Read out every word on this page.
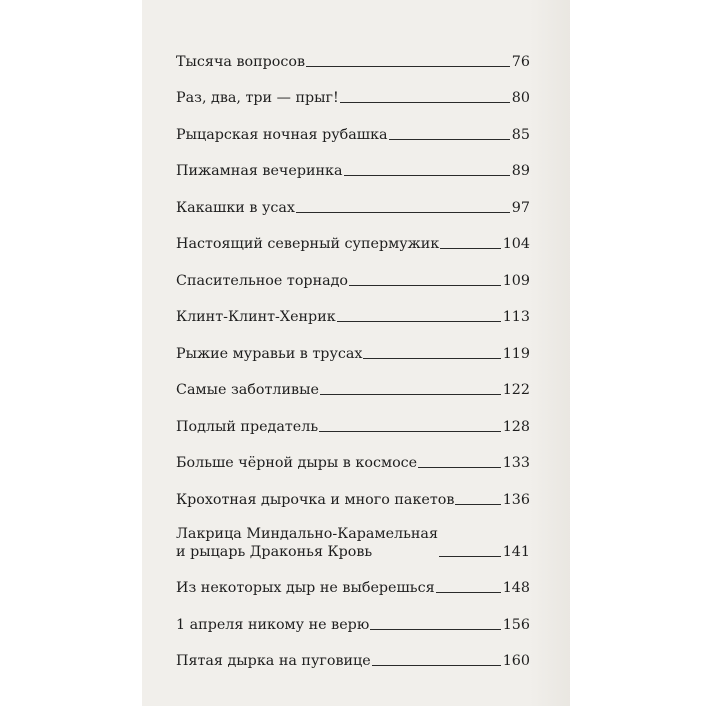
Тысяча вопросов	76
Раз, два, три — прыг!	80
Рыцарская ночная рубашка	85
Пижамная вечеринка	89
Какашки в усах	97
Настоящий северный супермужик	104
Спасительное торнадо	109
Клинт-Клинт-Хенрик	113
Рыжие муравьи в трусах	119
Самые заботливые	122
Подлый предатель	128
Больше чёрной дыры в космосе	133
Крохотная дырочка и много пакетов	136
Лакрица Миндально-Карамельная
и рыцарь Драконья Кровь	141
Из некоторых дыр не выберешься	148
1 апреля никому не верю	156
Пятая дырка на пуговице	160
